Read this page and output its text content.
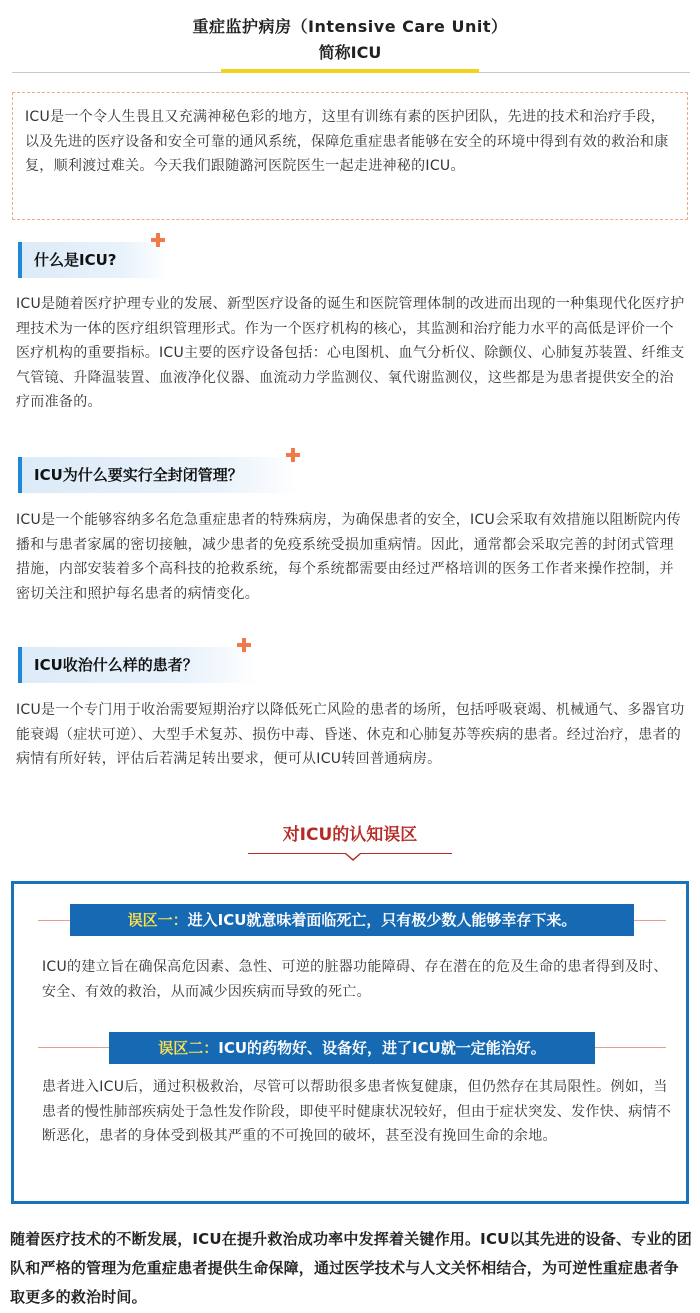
重症监护病房（Intensive Care Unit）
简称ICU
ICU是一个令人生畏且又充满神秘色彩的地方，这里有训练有素的医护团队，先进的技术和治疗手段，以及先进的医疗设备和安全可靠的通风系统，保障危重症患者能够在安全的环境中得到有效的救治和康复，顺利渡过难关。今天我们跟随潞河医院医生一起走进神秘的ICU。
什么是ICU?
ICU是随着医疗护理专业的发展、新型医疗设备的诞生和医院管理体制的改进而出现的一种集现代化医疗护理技术为一体的医疗组织管理形式。作为一个医疗机构的核心，其监测和治疗能力水平的高低是评价一个医疗机构的重要指标。ICU主要的医疗设备包括：心电图机、血气分析仪、除颤仪、心肺复苏装置、纤维支气管镜、升降温装置、血液净化仪器、血流动力学监测仪、氧代谢监测仪，这些都是为患者提供安全的治疗而准备的。
ICU为什么要实行全封闭管理？
ICU是一个能够容纳多名危急重症患者的特殊病房，为确保患者的安全，ICU会采取有效措施以阻断院内传播和与患者家属的密切接触，减少患者的免疫系统受损加重病情。因此，通常都会采取完善的封闭式管理措施，内部安装着多个高科技的抢救系统，每个系统都需要由经过严格培训的医务工作者来操作控制，并密切关注和照护每名患者的病情变化。
ICU收治什么样的患者？
ICU是一个专门用于收治需要短期治疗以降低死亡风险的患者的场所，包括呼吸衰竭、机械通气、多器官功能衰竭（症状可逆）、大型手术复苏、损伤中毒、昏迷、休克和心肺复苏等疾病的患者。经过治疗，患者的病情有所好转，评估后若满足转出要求，便可从ICU转回普通病房。
对ICU的认知误区
误区一：进入ICU就意味着面临死亡，只有极少数人能够幸存下来。
ICU的建立旨在确保高危因素、急性、可逆的脏器功能障碍、存在潜在的危及生命的患者得到及时、安全、有效的救治，从而减少因疾病而导致的死亡。
误区二：ICU的药物好、设备好，进了ICU就一定能治好。
患者进入ICU后，通过积极救治，尽管可以帮助很多患者恢复健康，但仍然存在其局限性。例如，当患者的慢性肺部疾病处于急性发作阶段，即使平时健康状况较好，但由于症状突发、发作快、病情不断恶化，患者的身体受到极其严重的不可挽回的破坏，甚至没有挽回生命的余地。
随着医疗技术的不断发展，ICU在提升救治成功率中发挥着关键作用。ICU以其先进的设备、专业的团队和严格的管理为危重症患者提供生命保障，通过医学技术与人文关怀相结合，为可逆性重症患者争取更多的救治时间。
